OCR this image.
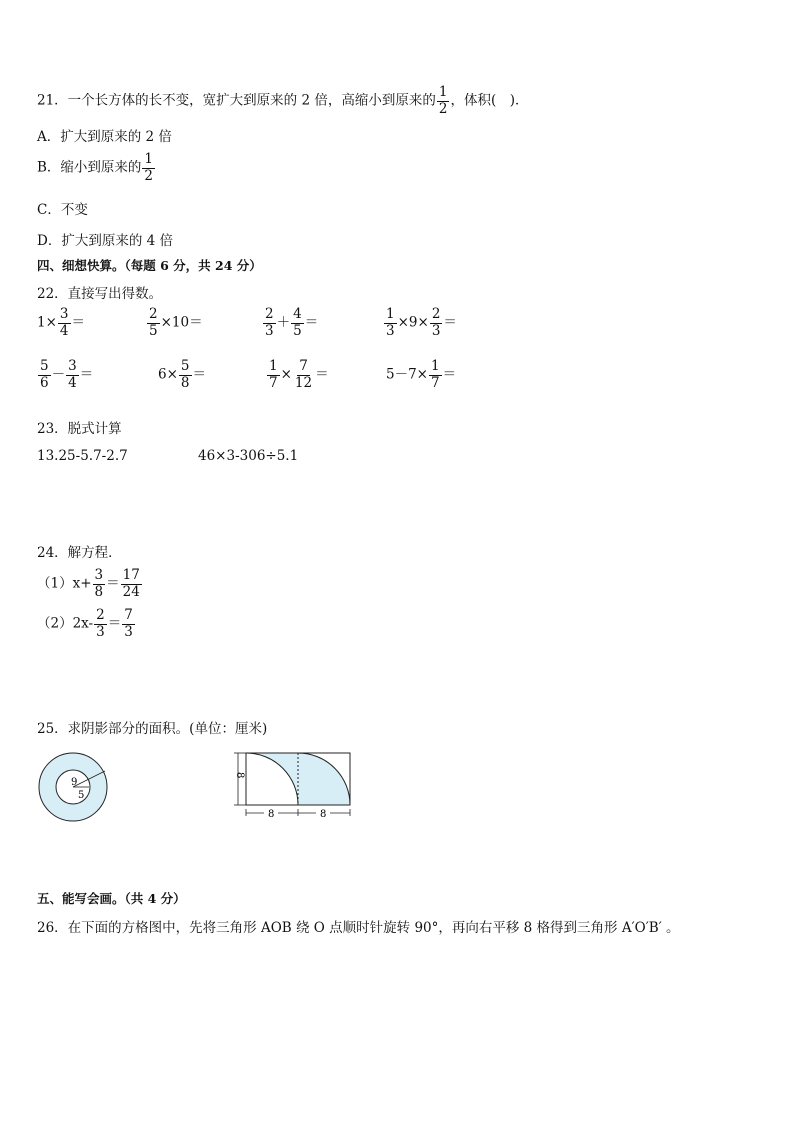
21．一个长方体的长不变，宽扩大到原来的 2 倍，高缩小到原来的 $\frac{1}{2}$ ，体积(　)．
A．扩大到原来的 2 倍
B．缩小到原来的 $\frac{1}{2}$
C．不变
D．扩大到原来的 4 倍
四、细想快算。（每题 6 分，共 24 分）
22．直接写出得数。
$1\times \frac{3}{4}$ ＝	$\frac{2}{5} \times 10=$	$\frac{2}{3} + \frac{4}{5}$ ＝	$\frac{1}{3} \times 9\times \frac{2}{3}$ ＝
$\frac{5}{6} - \frac{3}{4}$ ＝	$6\times \frac{5}{8}$ ＝	$\frac{1}{7} \times \frac{7}{12}$ ＝	$5-7\times \frac{1}{7}$ ＝
23．脱式计算
13.25-5.7-2.7	46×3-306÷5.1
24．解方程．
$(1)x+ \frac{3}{8} = \frac{17}{24}$
$(2)2x- \frac{2}{3} = \frac{7}{3}$
25．求阴影部分的面积。(单位：厘米)
9
5
8
8	8
五、能写会画。（共 4 分）
26．在下面的方格图中，先将三角形 AOB 绕 O 点顺时针旋转 90°，再向右平移 8 格得到三角形 A′O′B′ 。
